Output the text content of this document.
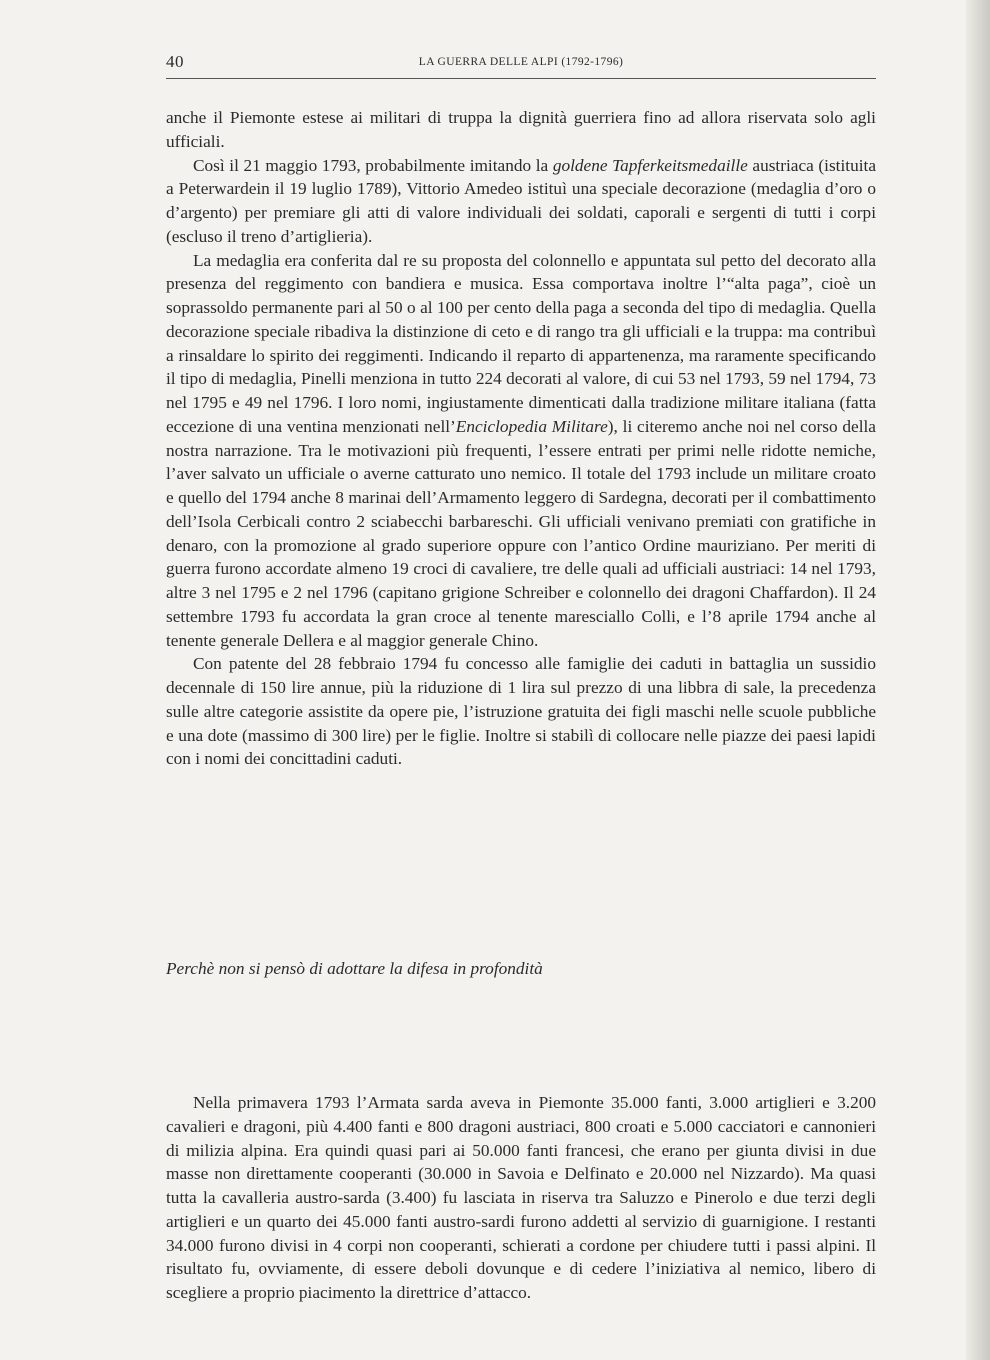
40	LA GUERRA DELLE ALPI (1792-1796)

anche il Piemonte estese ai militari di truppa la dignità guerriera fino ad allora riservata solo agli ufficiali.

Così il 21 maggio 1793, probabilmente imitando la goldene Tapferkeitsmedaille austriaca (istituita a Peterwardein il 19 luglio 1789), Vittorio Amedeo istituì una speciale decorazione (medaglia d’oro o d’argento) per premiare gli atti di valore individuali dei soldati, caporali e sergenti di tutti i corpi (escluso il treno d’artiglieria).

La medaglia era conferita dal re su proposta del colonnello e appuntata sul petto del decorato alla presenza del reggimento con bandiera e musica. Essa comportava inoltre l’“alta paga”, cioè un soprassoldo permanente pari al 50 o al 100 per cento della paga a seconda del tipo di medaglia. Quella decorazione speciale ribadiva la distinzione di ceto e di rango tra gli ufficiali e la truppa: ma contribuì a rinsaldare lo spirito dei reggimenti. Indicando il reparto di appartenenza, ma raramente specificando il tipo di medaglia, Pinelli menziona in tutto 224 decorati al valore, di cui 53 nel 1793, 59 nel 1794, 73 nel 1795 e 49 nel 1796. I loro nomi, ingiustamente dimenticati dalla tradizione militare italiana (fatta eccezione di una ventina menzionati nell’Enciclopedia Militare), li citeremo anche noi nel corso della nostra narrazione. Tra le motivazioni più frequenti, l’essere entrati per primi nelle ridotte nemiche, l’aver salvato un ufficiale o averne catturato uno nemico. Il totale del 1793 include un militare croato e quello del 1794 anche 8 marinai dell’Armamento leggero di Sardegna, decorati per il combattimento dell’Isola Cerbicali contro 2 sciabecchi barbareschi. Gli ufficiali venivano premiati con gratifiche in denaro, con la promozione al grado superiore oppure con l’antico Ordine mauriziano. Per meriti di guerra furono accordate almeno 19 croci di cavaliere, tre delle quali ad ufficiali austriaci: 14 nel 1793, altre 3 nel 1795 e 2 nel 1796 (capitano grigione Schreiber e colonnello dei dragoni Chaffardon). Il 24 settembre 1793 fu accordata la gran croce al tenente maresciallo Colli, e l’8 aprile 1794 anche al tenente generale Dellera e al maggior generale Chino.

Con patente del 28 febbraio 1794 fu concesso alle famiglie dei caduti in battaglia un sussidio decennale di 150 lire annue, più la riduzione di 1 lira sul prezzo di una libbra di sale, la precedenza sulle altre categorie assistite da opere pie, l’istruzione gratuita dei figli maschi nelle scuole pubbliche e una dote (massimo di 300 lire) per le figlie. Inoltre si stabilì di collocare nelle piazze dei paesi lapidi con i nomi dei concittadini caduti.

Perchè non si pensò di adottare la difesa in profondità

Nella primavera 1793 l’Armata sarda aveva in Piemonte 35.000 fanti, 3.000 artiglieri e 3.200 cavalieri e dragoni, più 4.400 fanti e 800 dragoni austriaci, 800 croati e 5.000 cacciatori e cannonieri di milizia alpina. Era quindi quasi pari ai 50.000 fanti francesi, che erano per giunta divisi in due masse non direttamente cooperanti (30.000 in Savoia e Delfinato e 20.000 nel Nizzardo). Ma quasi tutta la cavalleria austro-sarda (3.400) fu lasciata in riserva tra Saluzzo e Pinerolo e due terzi degli artiglieri e un quarto dei 45.000 fanti austro-sardi furono addetti al servizio di guarnigione. I restanti 34.000 furono divisi in 4 corpi non cooperanti, schierati a cordone per chiudere tutti i passi alpini. Il risultato fu, ovviamente, di essere deboli dovunque e di cedere l’iniziativa al nemico, libero di scegliere a proprio piacimento la direttrice d’attacco.
